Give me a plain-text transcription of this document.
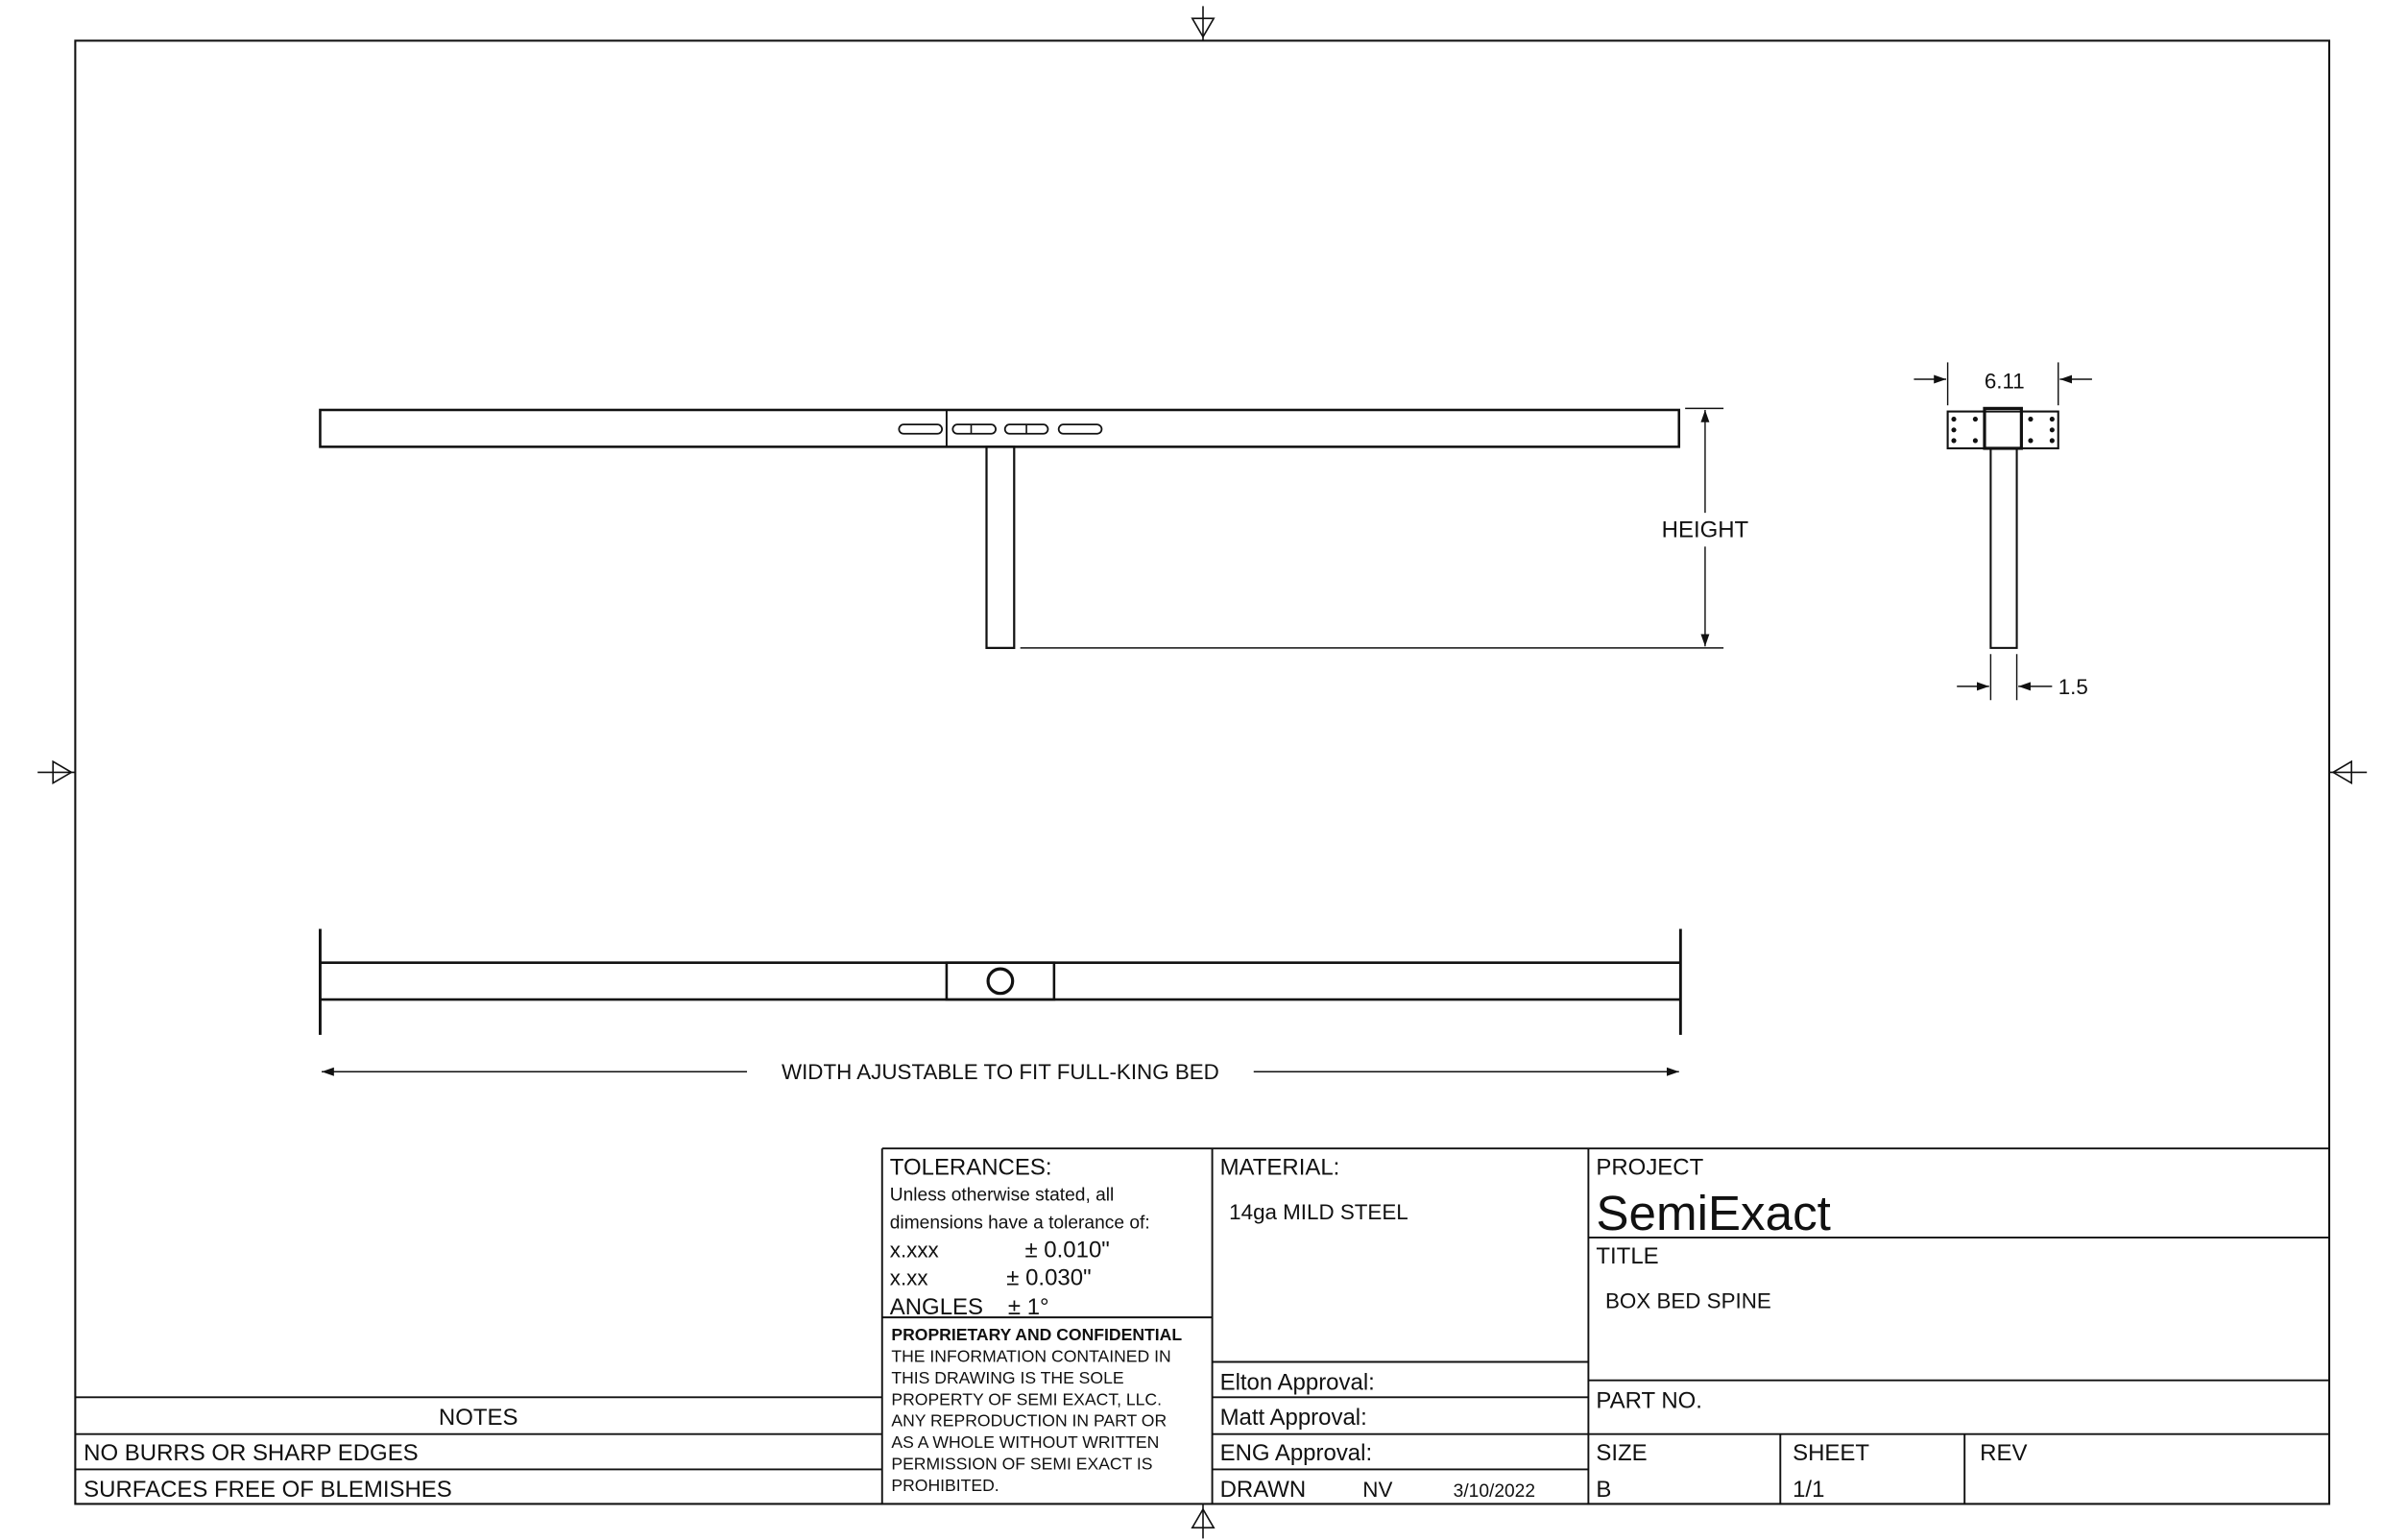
HEIGHT
6.11
1.5
WIDTH AJUSTABLE TO FIT FULL-KING BED
TOLERANCES:
Unless otherwise stated, all
dimensions have a tolerance of:
x.xxx	± 0.010"
x.xx	± 0.030"
ANGLES ± 1°
PROPRIETARY AND CONFIDENTIAL
THE INFORMATION CONTAINED IN
THIS DRAWING IS THE SOLE
PROPERTY OF SEMI EXACT, LLC.
ANY REPRODUCTION IN PART OR
AS A WHOLE WITHOUT WRITTEN
PERMISSION OF SEMI EXACT IS
PROHIBITED.
MATERIAL:
14ga MILD STEEL
Elton Approval:
Matt Approval:
ENG Approval:
DRAWN	NV	3/10/2022
PROJECT
SemiExact
TITLE
BOX BED SPINE
PART NO.
SIZE
B
SHEET
1/1
REV
NOTES
NO BURRS OR SHARP EDGES
SURFACES FREE OF BLEMISHES
